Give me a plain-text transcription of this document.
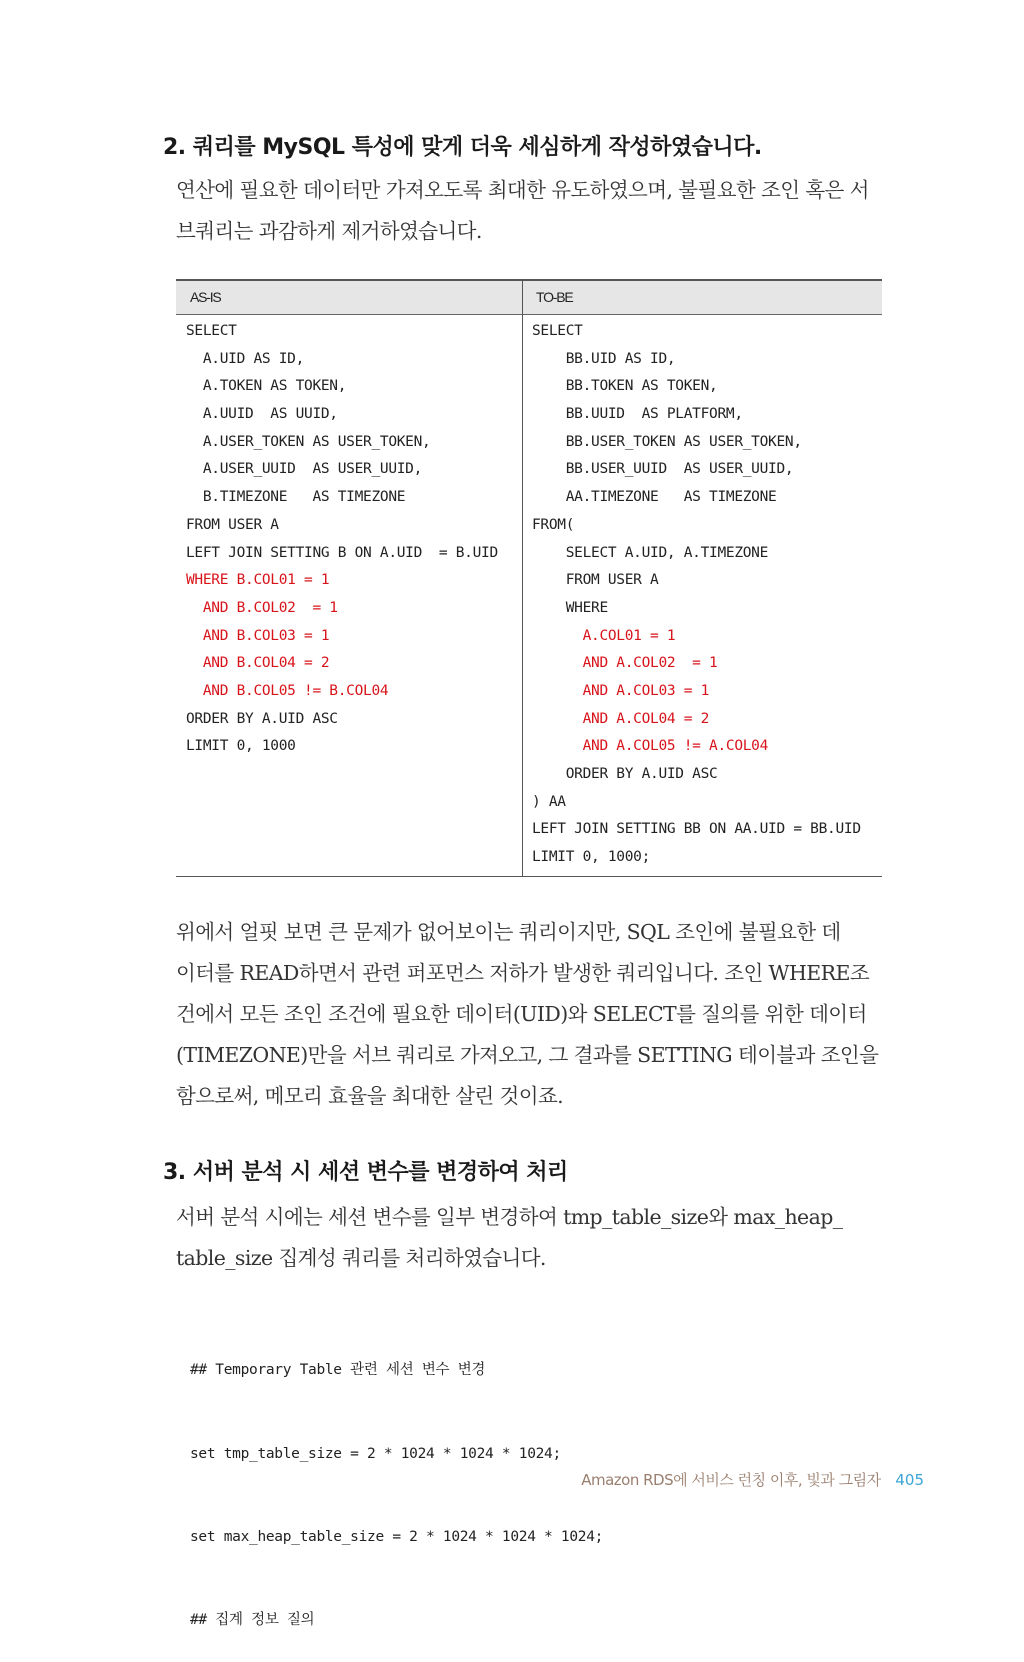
2. 쿼리를 MySQL 특성에 맞게 더욱 세심하게 작성하였습니다.
연산에 필요한 데이터만 가져오도록 최대한 유도하였으며, 불필요한 조인 혹은 서
브쿼리는 과감하게 제거하였습니다.
AS-IS	TO-BE
SELECT
A.UID AS ID,
A.TOKEN AS TOKEN,
A.UUID  AS UUID,
A.USER_TOKEN AS USER_TOKEN,
A.USER_UUID  AS USER_UUID,
B.TIMEZONE   AS TIMEZONE
FROM USER A
LEFT JOIN SETTING B ON A.UID  = B.UID
WHERE B.COL01 = 1
AND B.COL02  = 1
AND B.COL03 = 1
AND B.COL04 = 2
AND B.COL05 != B.COL04
ORDER BY A.UID ASC
LIMIT 0, 1000
SELECT
BB.UID AS ID,
BB.TOKEN AS TOKEN,
BB.UUID  AS PLATFORM,
BB.USER_TOKEN AS USER_TOKEN,
BB.USER_UUID  AS USER_UUID,
AA.TIMEZONE   AS TIMEZONE
FROM(
SELECT A.UID, A.TIMEZONE
FROM USER A
WHERE
A.COL01 = 1
AND A.COL02  = 1
AND A.COL03 = 1
AND A.COL04 = 2
AND A.COL05 != A.COL04
ORDER BY A.UID ASC
) AA
LEFT JOIN SETTING BB ON AA.UID = BB.UID
LIMIT 0, 1000;
위에서 얼핏 보면 큰 문제가 없어보이는 쿼리이지만, SQL 조인에 불필요한 데
이터를 READ하면서 관련 퍼포먼스 저하가 발생한 쿼리입니다. 조인 WHERE조
건에서 모든 조인 조건에 필요한 데이터(UID)와 SELECT를 질의를 위한 데이터
(TIMEZONE)만을 서브 쿼리로 가져오고, 그 결과를 SETTING 테이블과 조인을
함으로써, 메모리 효율을 최대한 살린 것이죠.
3. 서버 분석 시 세션 변수를 변경하여 처리
서버 분석 시에는 세션 변수를 일부 변경하여 tmp_table_size와 max_heap_
table_size 집계성 쿼리를 처리하였습니다.

## Temporary Table 관련 세션 변수 변경

set tmp_table_size = 2 * 1024 * 1024 * 1024;

set max_heap_table_size = 2 * 1024 * 1024 * 1024;

## 집계 정보 질의

Amazon RDS에 서비스 런칭 이후, 빛과 그림자 405
